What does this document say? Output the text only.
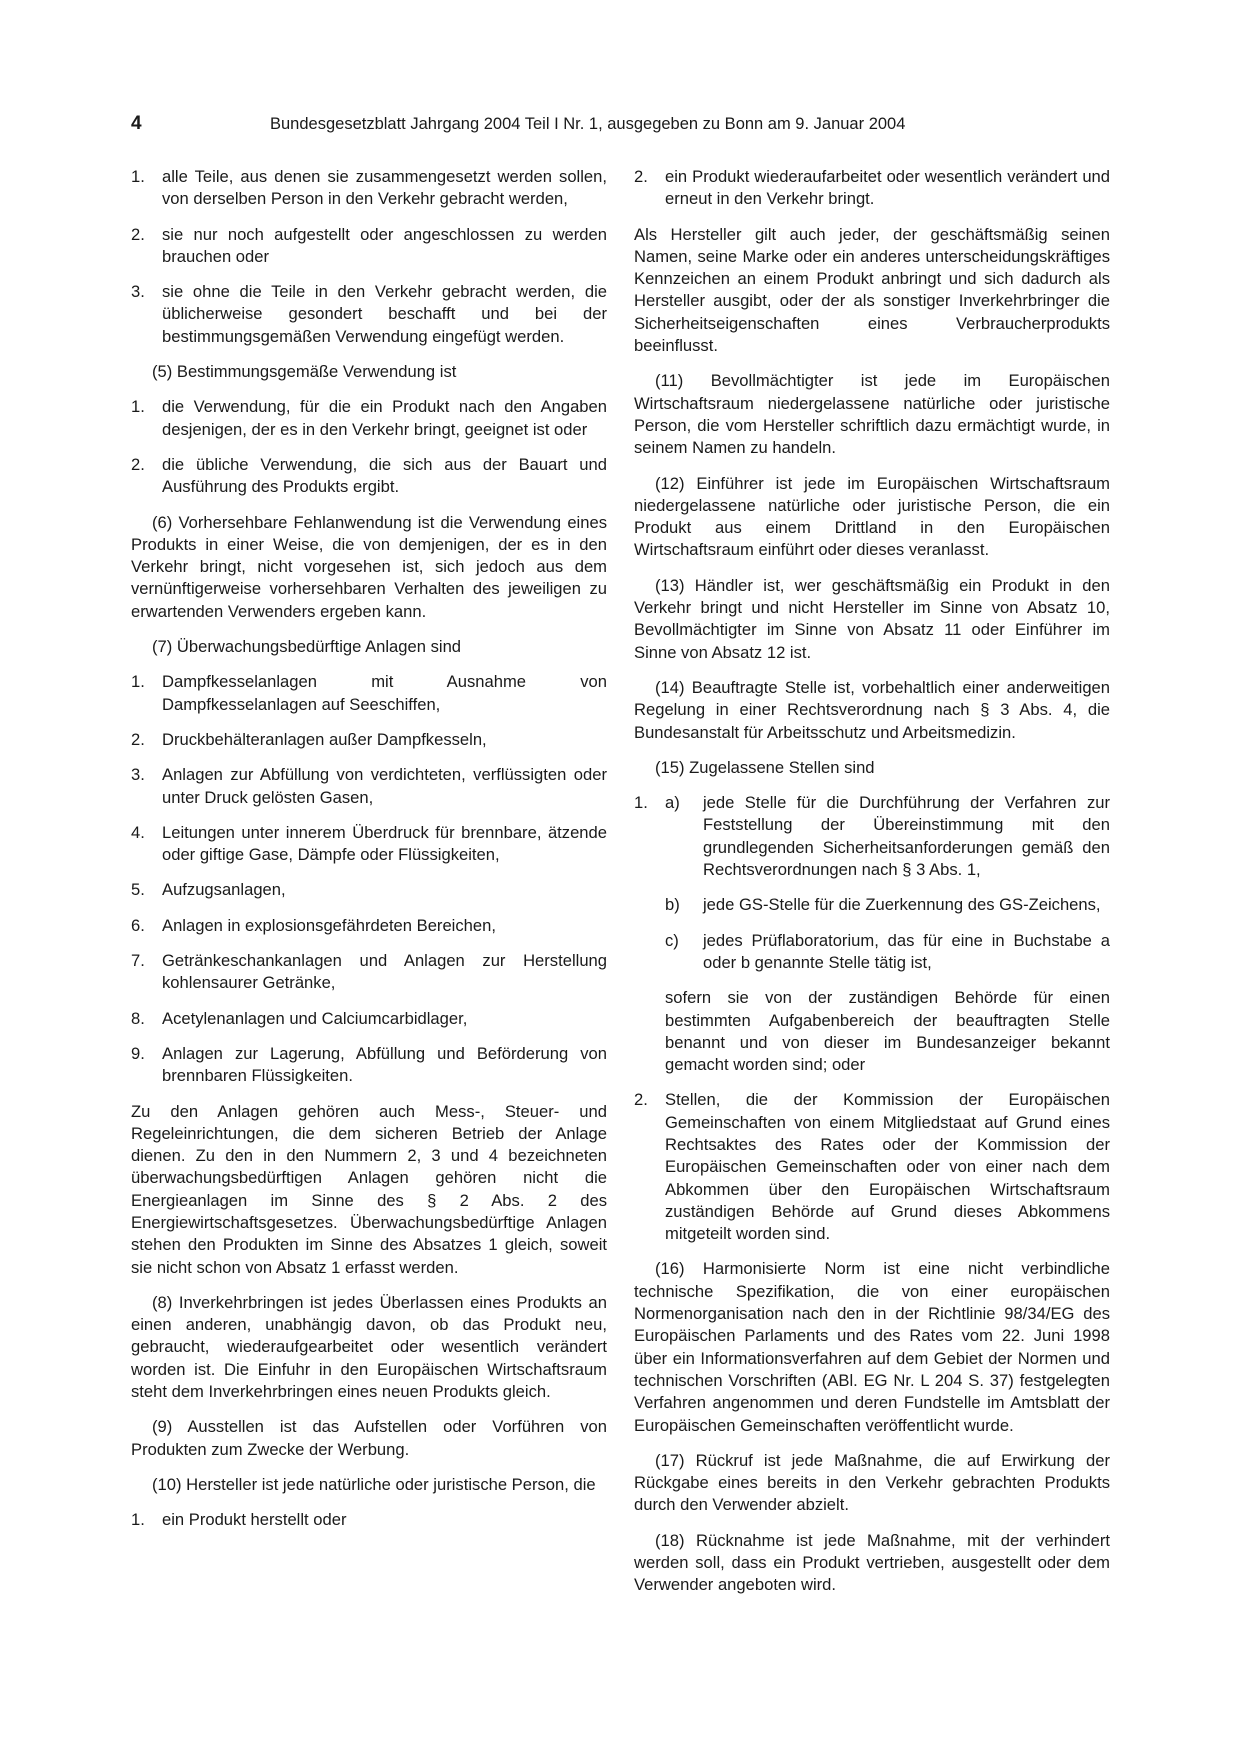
4	Bundesgesetzblatt Jahrgang 2004 Teil I Nr. 1, ausgegeben zu Bonn am 9. Januar 2004
1. alle Teile, aus denen sie zusammengesetzt werden sollen, von derselben Person in den Verkehr gebracht werden,
2. sie nur noch aufgestellt oder angeschlossen zu werden brauchen oder
3. sie ohne die Teile in den Verkehr gebracht werden, die üblicherweise gesondert beschafft und bei der bestimmungsgemäßen Verwendung eingefügt werden.

(5) Bestimmungsgemäße Verwendung ist

1. die Verwendung, für die ein Produkt nach den Angaben desjenigen, der es in den Verkehr bringt, geeignet ist oder
2. die übliche Verwendung, die sich aus der Bauart und Ausführung des Produkts ergibt.

(6) Vorhersehbare Fehlanwendung ist die Verwendung eines Produkts in einer Weise, die von demjenigen, der es in den Verkehr bringt, nicht vorgesehen ist, sich jedoch aus dem vernünftigerweise vorhersehbaren Verhalten des jeweiligen zu erwartenden Verwenders ergeben kann.

(7) Überwachungsbedürftige Anlagen sind

1. Dampfkesselanlagen mit Ausnahme von Dampfkesselanlagen auf Seeschiffen,
2. Druckbehälteranlagen außer Dampfkesseln,
3. Anlagen zur Abfüllung von verdichteten, verflüssigten oder unter Druck gelösten Gasen,
4. Leitungen unter innerem Überdruck für brennbare, ätzende oder giftige Gase, Dämpfe oder Flüssigkeiten,
5. Aufzugsanlagen,
6. Anlagen in explosionsgefährdeten Bereichen,
7. Getränkeschankanlagen und Anlagen zur Herstellung kohlensaurer Getränke,
8. Acetylenanlagen und Calciumcarbidlager,
9. Anlagen zur Lagerung, Abfüllung und Beförderung von brennbaren Flüssigkeiten.

Zu den Anlagen gehören auch Mess-, Steuer- und Regeleinrichtungen, die dem sicheren Betrieb der Anlage dienen. Zu den in den Nummern 2, 3 und 4 bezeichneten überwachungsbedürftigen Anlagen gehören nicht die Energieanlagen im Sinne des § 2 Abs. 2 des Energiewirtschaftsgesetzes. Überwachungsbedürftige Anlagen stehen den Produkten im Sinne des Absatzes 1 gleich, soweit sie nicht schon von Absatz 1 erfasst werden.

(8) Inverkehrbringen ist jedes Überlassen eines Produkts an einen anderen, unabhängig davon, ob das Produkt neu, gebraucht, wiederaufgearbeitet oder wesentlich verändert worden ist. Die Einfuhr in den Europäischen Wirtschaftsraum steht dem Inverkehrbringen eines neuen Produkts gleich.

(9) Ausstellen ist das Aufstellen oder Vorführen von Produkten zum Zwecke der Werbung.

(10) Hersteller ist jede natürliche oder juristische Person, die

1. ein Produkt herstellt oder
2. ein Produkt wiederaufarbeitet oder wesentlich verändert und erneut in den Verkehr bringt.

Als Hersteller gilt auch jeder, der geschäftsmäßig seinen Namen, seine Marke oder ein anderes unterscheidungskräftiges Kennzeichen an einem Produkt anbringt und sich dadurch als Hersteller ausgibt, oder der als sonstiger Inverkehrbringer die Sicherheitseigenschaften eines Verbraucherprodukts beeinflusst.

(11) Bevollmächtigter ist jede im Europäischen Wirtschaftsraum niedergelassene natürliche oder juristische Person, die vom Hersteller schriftlich dazu ermächtigt wurde, in seinem Namen zu handeln.

(12) Einführer ist jede im Europäischen Wirtschaftsraum niedergelassene natürliche oder juristische Person, die ein Produkt aus einem Drittland in den Europäischen Wirtschaftsraum einführt oder dieses veranlasst.

(13) Händler ist, wer geschäftsmäßig ein Produkt in den Verkehr bringt und nicht Hersteller im Sinne von Absatz 10, Bevollmächtigter im Sinne von Absatz 11 oder Einführer im Sinne von Absatz 12 ist.

(14) Beauftragte Stelle ist, vorbehaltlich einer anderweitigen Regelung in einer Rechtsverordnung nach § 3 Abs. 4, die Bundesanstalt für Arbeitsschutz und Arbeitsmedizin.

(15) Zugelassene Stellen sind

1. a) jede Stelle für die Durchführung der Verfahren zur Feststellung der Übereinstimmung mit den grundlegenden Sicherheitsanforderungen gemäß den Rechtsverordnungen nach § 3 Abs. 1,
b) jede GS-Stelle für die Zuerkennung des GS-Zeichens,
c) jedes Prüflaboratorium, das für eine in Buchstabe a oder b genannte Stelle tätig ist,

sofern sie von der zuständigen Behörde für einen bestimmten Aufgabenbereich der beauftragten Stelle benannt und von dieser im Bundesanzeiger bekannt gemacht worden sind; oder

2. Stellen, die der Kommission der Europäischen Gemeinschaften von einem Mitgliedstaat auf Grund eines Rechtsaktes des Rates oder der Kommission der Europäischen Gemeinschaften oder von einer nach dem Abkommen über den Europäischen Wirtschaftsraum zuständigen Behörde auf Grund dieses Abkommens mitgeteilt worden sind.

(16) Harmonisierte Norm ist eine nicht verbindliche technische Spezifikation, die von einer europäischen Normenorganisation nach den in der Richtlinie 98/34/EG des Europäischen Parlaments und des Rates vom 22. Juni 1998 über ein Informationsverfahren auf dem Gebiet der Normen und technischen Vorschriften (ABl. EG Nr. L 204 S. 37) festgelegten Verfahren angenommen und deren Fundstelle im Amtsblatt der Europäischen Gemeinschaften veröffentlicht wurde.

(17) Rückruf ist jede Maßnahme, die auf Erwirkung der Rückgabe eines bereits in den Verkehr gebrachten Produkts durch den Verwender abzielt.

(18) Rücknahme ist jede Maßnahme, mit der verhindert werden soll, dass ein Produkt vertrieben, ausgestellt oder dem Verwender angeboten wird.
